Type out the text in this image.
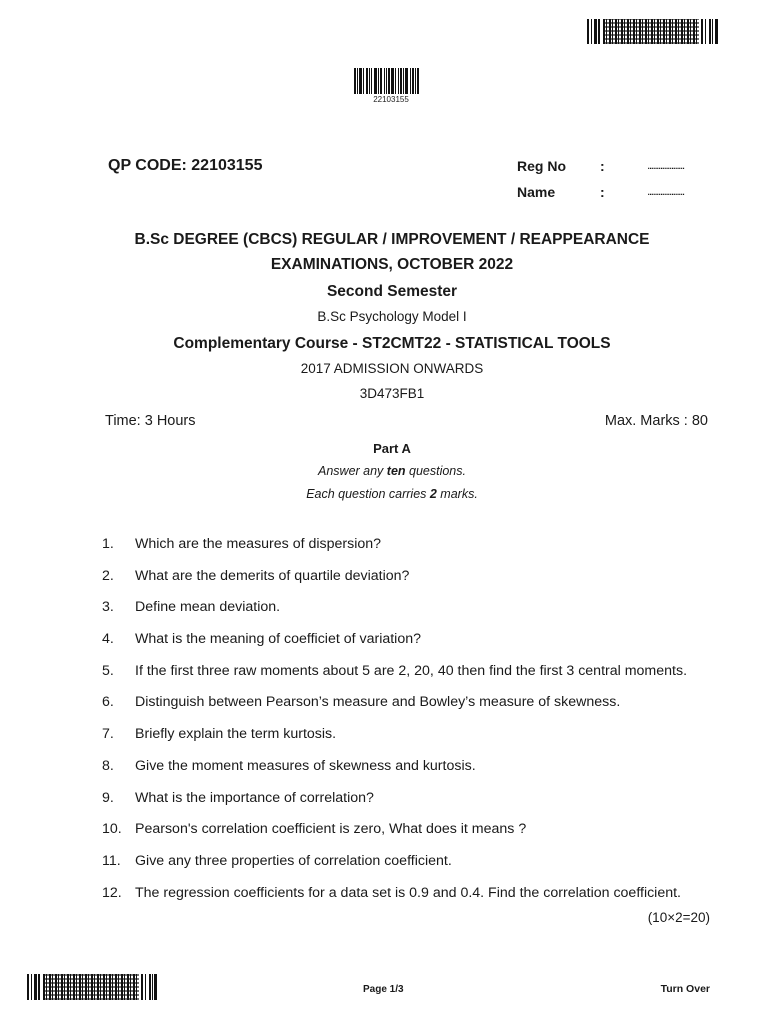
22103155
QP CODE: 22103155	Reg No :	....................
Name	:	....................
B.Sc DEGREE (CBCS) REGULAR / IMPROVEMENT / REAPPEARANCE
EXAMINATIONS, OCTOBER 2022
Second Semester
B.Sc Psychology Model I
Complementary Course - ST2CMT22 - STATISTICAL TOOLS
2017 ADMISSION ONWARDS
3D473FB1
Time: 3 Hours	Max. Marks : 80
Part A
Answer any ten questions.
Each question carries 2 marks.
1. Which are the measures of dispersion?
2. What are the demerits of quartile deviation?
3. Define mean deviation.
4. What is the meaning of coefficiet of variation?
5. If the first three raw moments about 5 are 2, 20, 40 then find the first 3 central moments.
6. Distinguish between Pearson’s measure and Bowley’s measure of skewness.
7. Briefly explain the term kurtosis.
8. Give the moment measures of skewness and kurtosis.
9. What is the importance of correlation?
10. Pearson's correlation coefficient is zero, What does it means ?
11. Give any three properties of correlation coefficient.
12. The regression coefficients for a data set is 0.9 and 0.4. Find the correlation coefficient.
(10×2=20)
Page 1/3	Turn Over
